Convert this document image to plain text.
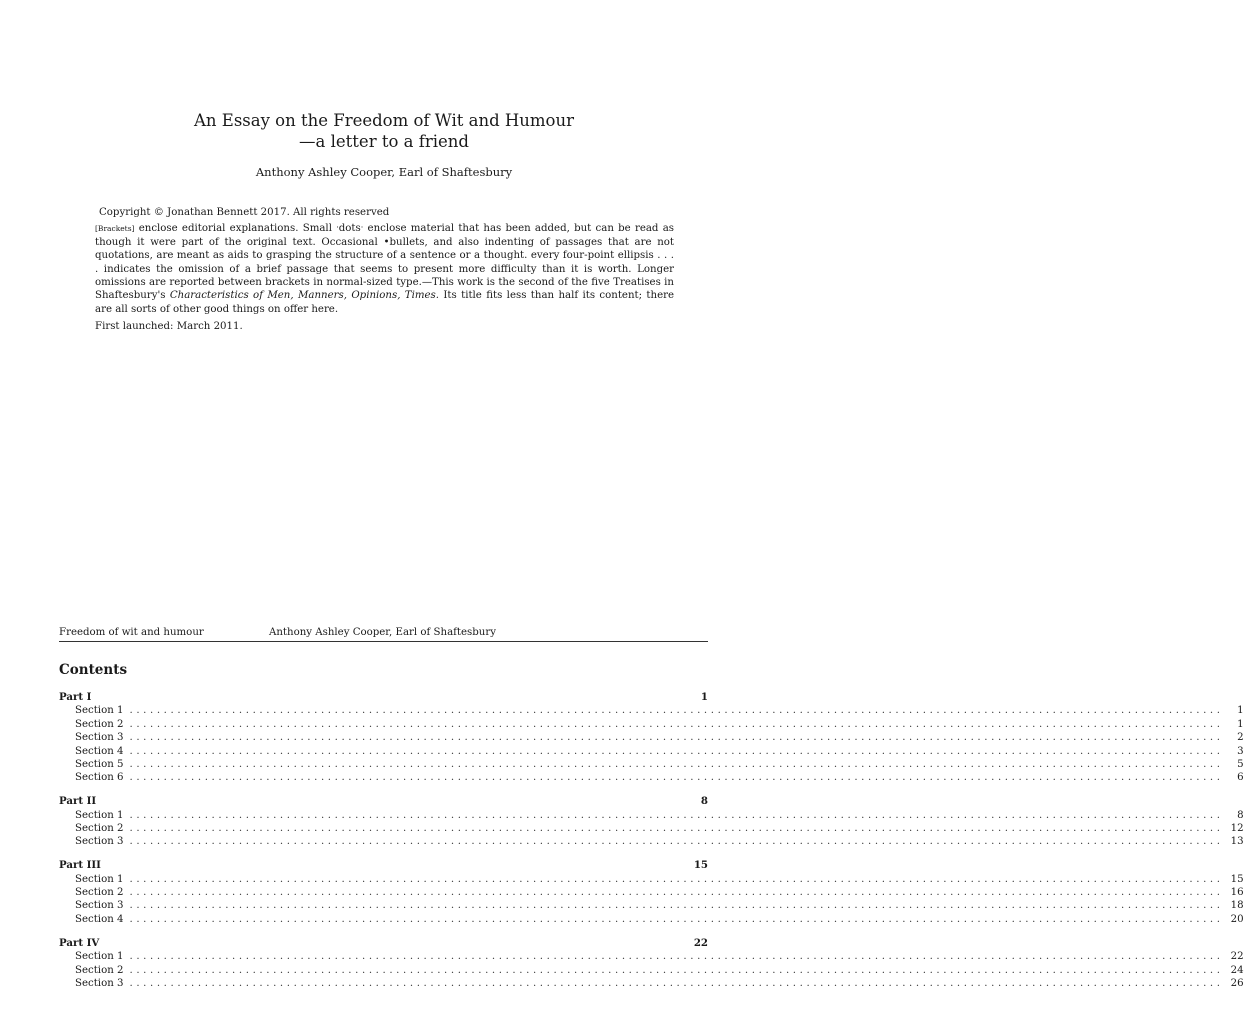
An Essay on the Freedom of Wit and Humour
—a letter to a friend
Anthony Ashley Cooper, Earl of Shaftesbury
Copyright © Jonathan Bennett 2017. All rights reserved

[Brackets] enclose editorial explanations. Small ·dots· enclose material that has been added, but can be read as though it were part of the original text. Occasional •bullets, and also indenting of passages that are not quotations, are meant as aids to grasping the structure of a sentence or a thought. every four-point ellipsis . . . . indicates the omission of a brief passage that seems to present more difficulty than it is worth. Longer omissions are reported between brackets in normal-sized type.—This work is the second of the five Treatises in Shaftesbury's Characteristics of Men, Manners, Opinions, Times. Its title fits less than half its content; there are all sorts of other good things on offer here.

First launched: March 2011.
Freedom of wit and humour	Anthony Ashley Cooper, Earl of Shaftesbury
Contents
Part I	1
Section 1 ................................................................................................................................................................	1
Section 2 ................................................................................................................................................................	1
Section 3 ................................................................................................................................................................	2
Section 4 ................................................................................................................................................................	3
Section 5 ................................................................................................................................................................	5
Section 6 ................................................................................................................................................................	6
Part II	8
Section 1 ................................................................................................................................................................	8
Section 2 ................................................................................................................................................................ 12
Section 3 ................................................................................................................................................................ 13
Part III	15
Section 1 ................................................................................................................................................................ 15
Section 2 ................................................................................................................................................................ 16
Section 3 ................................................................................................................................................................ 18
Section 4 ................................................................................................................................................................ 20
Part IV	22
Section 1 ................................................................................................................................................................ 22
Section 2 ................................................................................................................................................................ 24
Section 3 ................................................................................................................................................................ 26
